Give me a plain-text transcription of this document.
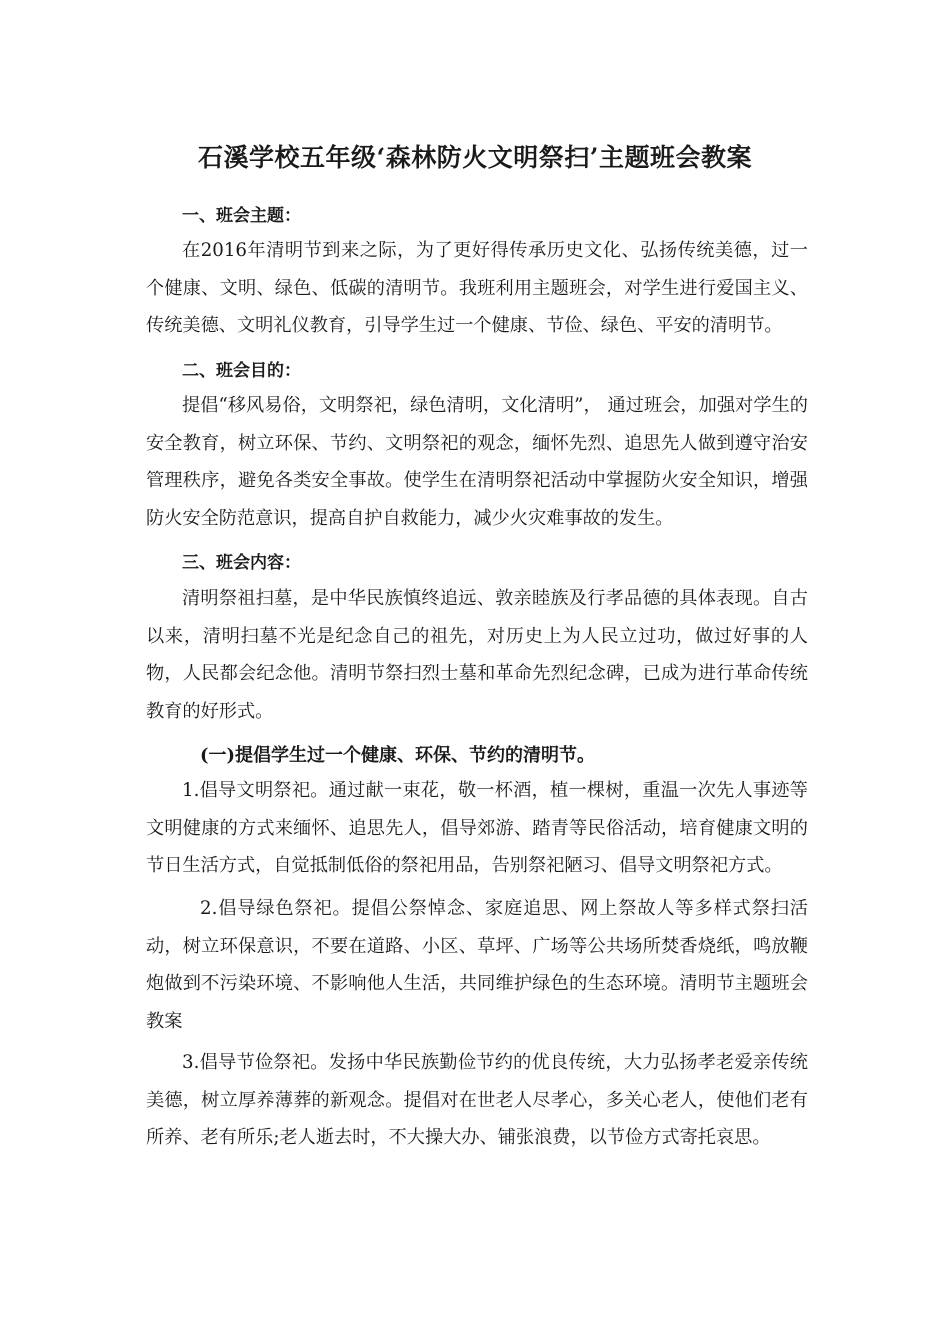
石溪学校五年级‘森林防火文明祭扫’主题班会教案
一、班会主题：

在2016年清明节到来之际，为了更好得传承历史文化、弘扬传统美德，过一个健康、文明、绿色、低碳的清明节。我班利用主题班会，对学生进行爱国主义、传统美德、文明礼仪教育，引导学生过一个健康、节俭、绿色、平安的清明节。

二、班会目的：

提倡“移风易俗，文明祭祀，绿色清明，文化清明”， 通过班会，加强对学生的安全教育，树立环保、节约、文明祭祀的观念，缅怀先烈、追思先人做到遵守治安管理秩序，避免各类安全事故。使学生在清明祭祀活动中掌握防火安全知识，增强防火安全防范意识，提高自护自救能力，减少火灾难事故的发生。

三、班会内容：

清明祭祖扫墓，是中华民族慎终追远、敦亲睦族及行孝品德的具体表现。自古以来，清明扫墓不光是纪念自己的祖先，对历史上为人民立过功，做过好事的人物，人民都会纪念他。清明节祭扫烈士墓和革命先烈纪念碑，已成为进行革命传统教育的好形式。

(一)提倡学生过一个健康、环保、节约的清明节。

1.倡导文明祭祀。通过献一束花，敬一杯酒，植一棵树，重温一次先人事迹等文明健康的方式来缅怀、追思先人，倡导郊游、踏青等民俗活动，培育健康文明的节日生活方式，自觉抵制低俗的祭祀用品，告别祭祀陋习、倡导文明祭祀方式。

2.倡导绿色祭祀。提倡公祭悼念、家庭追思、网上祭故人等多样式祭扫活动，树立环保意识，不要在道路、小区、草坪、广场等公共场所焚香烧纸，鸣放鞭炮做到不污染环境、不影响他人生活，共同维护绿色的生态环境。清明节主题班会教案

3.倡导节俭祭祀。发扬中华民族勤俭节约的优良传统，大力弘扬孝老爱亲传统美德，树立厚养薄葬的新观念。提倡对在世老人尽孝心，多关心老人，使他们老有所养、老有所乐;老人逝去时，不大操大办、铺张浪费，以节俭方式寄托哀思。
